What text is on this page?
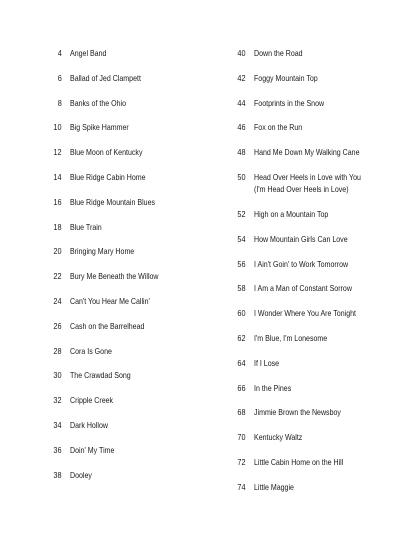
4 Angel Band
6 Ballad of Jed Clampett
8 Banks of the Ohio
10 Big Spike Hammer
12 Blue Moon of Kentucky
14 Blue Ridge Cabin Home
16 Blue Ridge Mountain Blues
18 Blue Train
20 Bringing Mary Home
22 Bury Me Beneath the Willow
24 Can't You Hear Me Callin'
26 Cash on the Barrelhead
28 Cora Is Gone
30 The Crawdad Song
32 Cripple Creek
34 Dark Hollow
36 Doin' My Time
38 Dooley
40 Down the Road
42 Foggy Mountain Top
44 Footprints in the Snow
46 Fox on the Run
48 Hand Me Down My Walking Cane
50 Head Over Heels in Love with You
(I'm Head Over Heels in Love)
52 High on a Mountain Top
54 How Mountain Girls Can Love
56 I Ain't Goin' to Work Tomorrow
58 I Am a Man of Constant Sorrow
60 I Wonder Where You Are Tonight
62 I'm Blue, I'm Lonesome
64 If I Lose
66 In the Pines
68 Jimmie Brown the Newsboy
70 Kentucky Waltz
72 Little Cabin Home on the Hill
74 Little Maggie
